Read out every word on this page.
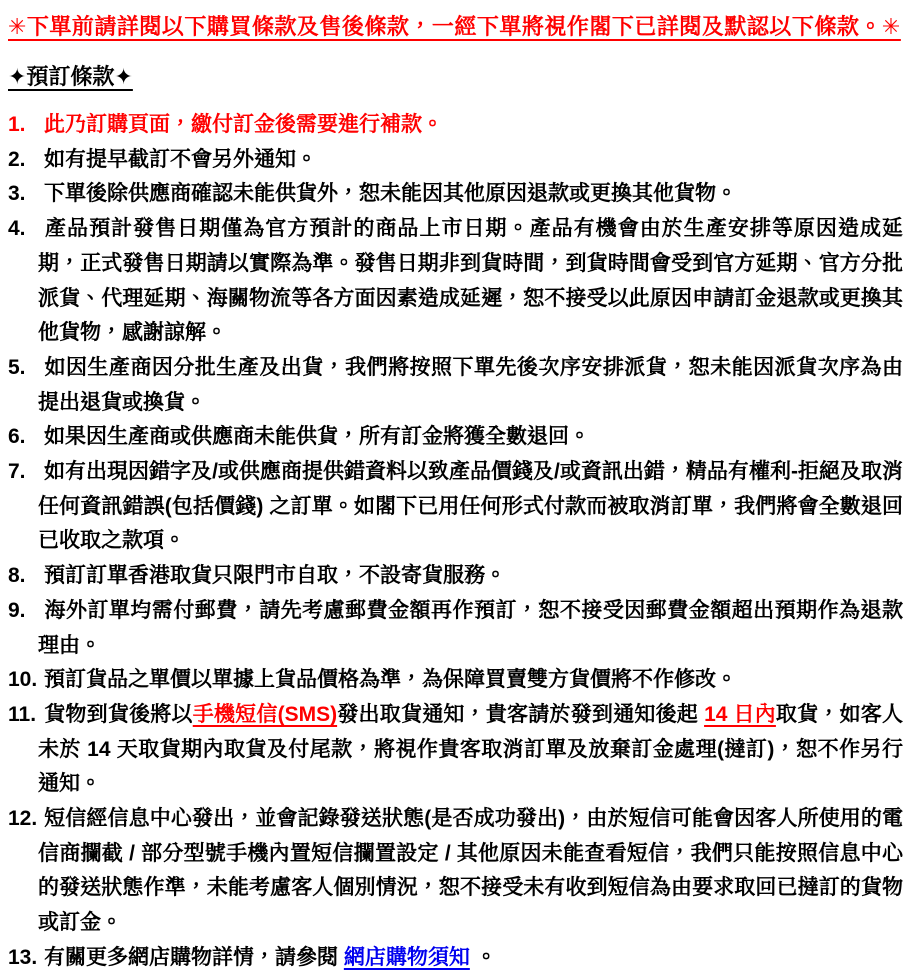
✳下單前請詳閱以下購買條款及售後條款，一經下單將視作閣下已詳閱及默認以下條款。✳
✦預訂條款✦
1. 此乃訂購頁面，繳付訂金後需要進行補款。
2. 如有提早截訂不會另外通知。
3. 下單後除供應商確認未能供貨外，恕未能因其他原因退款或更換其他貨物。
4. 產品預計發售日期僅為官方預計的商品上市日期。產品有機會由於生產安排等原因造成延期，正式發售日期請以實際為準。發售日期非到貨時間，到貨時間會受到官方延期、官方分批派貨、代理延期、海關物流等各方面因素造成延遲，恕不接受以此原因申請訂金退款或更換其他貨物，感謝諒解。
5. 如因生產商因分批生產及出貨，我們將按照下單先後次序安排派貨，恕未能因派貨次序為由提出退貨或換貨。
6. 如果因生產商或供應商未能供貨，所有訂金將獲全數退回。
7. 如有出現因錯字及/或供應商提供錯資料以致產品價錢及/或資訊出錯，精品有權利-拒絕及取消任何資訊錯誤(包括價錢) 之訂單。如閣下已用任何形式付款而被取消訂單，我們將會全數退回已收取之款項。
8. 預訂訂單香港取貨只限門市自取，不設寄貨服務。
9. 海外訂單均需付郵費，請先考慮郵費金額再作預訂，恕不接受因郵費金額超出預期作為退款理由。
10. 預訂貨品之單價以單據上貨品價格為準，為保障買賣雙方貨價將不作修改。
11. 貨物到貨後將以手機短信(SMS)發出取貨通知，貴客請於發到通知後起 14 日內取貨，如客人未於 14 天取貨期內取貨及付尾款，將視作貴客取消訂單及放棄訂金處理(撻訂)，恕不作另行通知。
12. 短信經信息中心發出，並會記錄發送狀態(是否成功發出)，由於短信可能會因客人所使用的電信商攔截 / 部分型號手機內置短信攔置設定 / 其他原因未能查看短信，我們只能按照信息中心的發送狀態作準，未能考慮客人個別情況，恕不接受未有收到短信為由要求取回已撻訂的貨物或訂金。
13. 有關更多網店購物詳情，請參閱 網店購物須知 。
